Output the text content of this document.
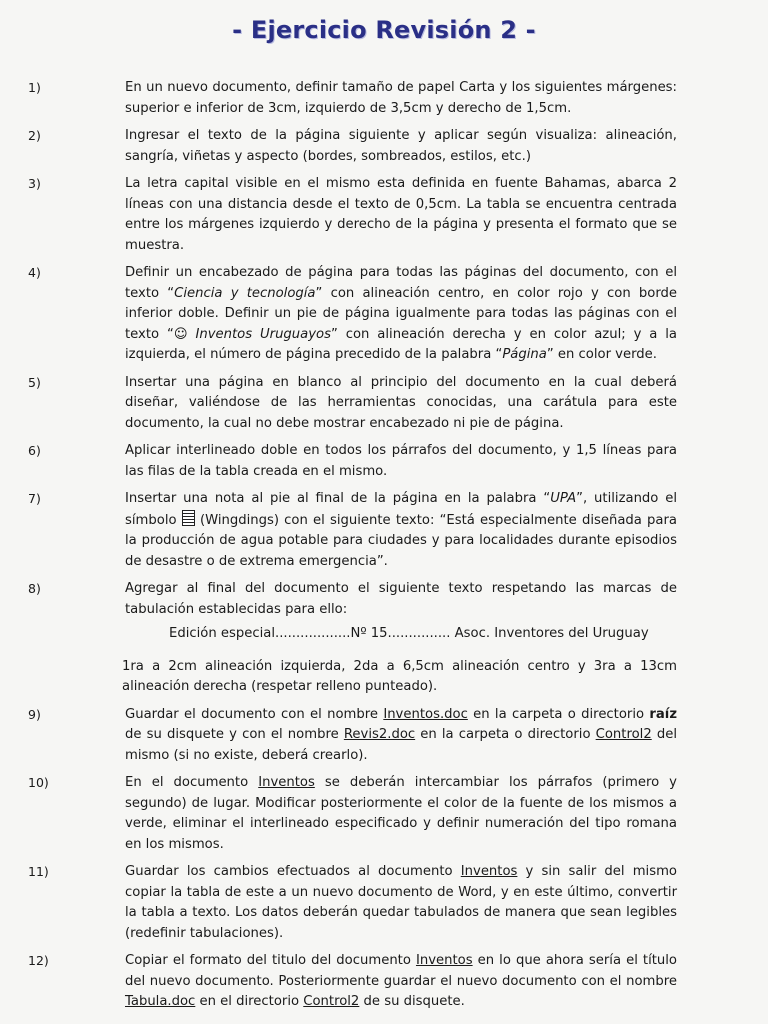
- Ejercicio Revisión 2 -
1)	En un nuevo documento, definir tamaño de papel Carta y los siguientes márgenes: superior e inferior de 3cm, izquierdo de 3,5cm y derecho de 1,5cm.
2)	Ingresar el texto de la página siguiente y aplicar según visualiza: alineación, sangría, viñetas y aspecto (bordes, sombreados, estilos, etc.)
3)	La letra capital visible en el mismo esta definida en fuente Bahamas, abarca 2 líneas con una distancia desde el texto de 0,5cm. La tabla se encuentra centrada entre los márgenes izquierdo y derecho de la página y presenta el formato que se muestra.
4)	Definir un encabezado de página para todas las páginas del documento, con el texto “Ciencia y tecnología” con alineación centro, en color rojo y con borde inferior doble. Definir un pie de página igualmente para todas las páginas con el texto “☺ Inventos Uruguayos” con alineación derecha y en color azul; y a la izquierda, el número de página precedido de la palabra “Página” en color verde.
5)	Insertar una página en blanco al principio del documento en la cual deberá diseñar, valiéndose de las herramientas conocidas, una carátula para este documento, la cual no debe mostrar encabezado ni pie de página.
6)	Aplicar interlineado doble en todos los párrafos del documento, y 1,5 líneas para las filas de la tabla creada en el mismo.
7)	Insertar una nota al pie al final de la página en la palabra “UPA”, utilizando el símbolo (Wingdings) con el siguiente texto: “Está especialmente diseñada para la producción de agua potable para ciudades y para localidades durante episodios de desastre o de extrema emergencia”.
8)	Agregar al final del documento el siguiente texto respetando las marcas de tabulación establecidas para ello:
Edición especial..................Nº 15............... Asoc. Inventores del Uruguay
1ra a 2cm alineación izquierda, 2da a 6,5cm alineación centro y 3ra a 13cm alineación derecha (respetar relleno punteado).
9)	Guardar el documento con el nombre Inventos.doc en la carpeta o directorio raíz de su disquete y con el nombre Revis2.doc en la carpeta o directorio Control2 del mismo (si no existe, deberá crearlo).
10)	En el documento Inventos se deberán intercambiar los párrafos (primero y segundo) de lugar. Modificar posteriormente el color de la fuente de los mismos a verde, eliminar el interlineado especificado y definir numeración del tipo romana en los mismos.
11)	Guardar los cambios efectuados al documento Inventos y sin salir del mismo copiar la tabla de este a un nuevo documento de Word, y en este último, convertir la tabla a texto. Los datos deberán quedar tabulados de manera que sean legibles (redefinir tabulaciones).
12)	Copiar el formato del titulo del documento Inventos en lo que ahora sería el título del nuevo documento. Posteriormente guardar el nuevo documento con el nombre Tabula.doc en el directorio Control2 de su disquete.
